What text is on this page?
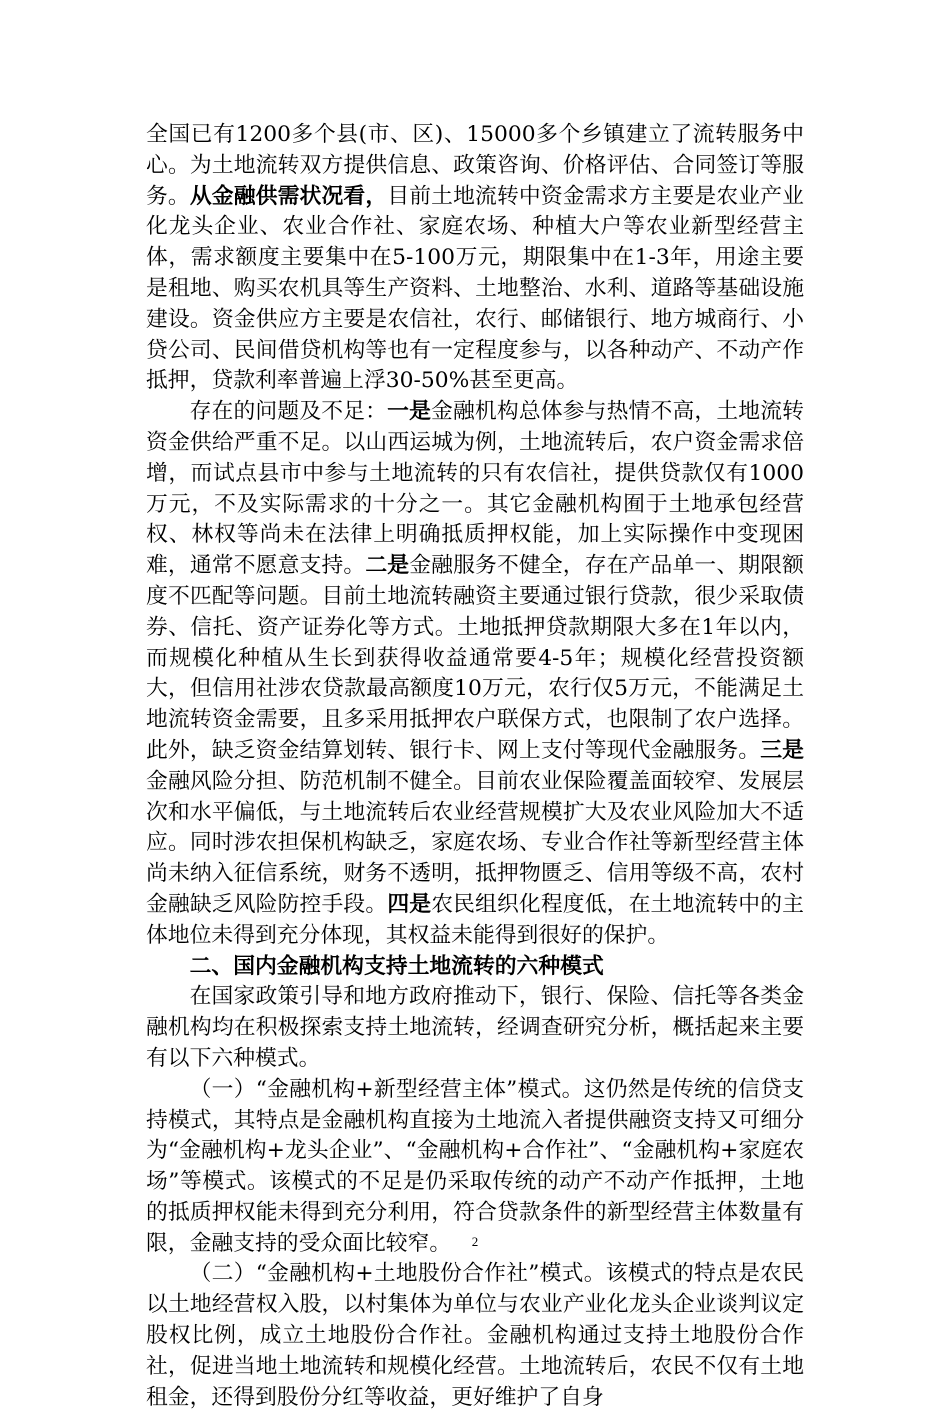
全国已有1200多个县(市、区)、15000多个乡镇建立了流转服务中心。为土地流转双方提供信息、政策咨询、价格评估、合同签订等服务。从金融供需状况看，目前土地流转中资金需求方主要是农业产业化龙头企业、农业合作社、家庭农场、种植大户等农业新型经营主体，需求额度主要集中在5-100万元，期限集中在1-3年，用途主要是租地、购买农机具等生产资料、土地整治、水利、道路等基础设施建设。资金供应方主要是农信社，农行、邮储银行、地方城商行、小贷公司、民间借贷机构等也有一定程度参与，以各种动产、不动产作抵押，贷款利率普遍上浮30-50%甚至更高。

存在的问题及不足：一是金融机构总体参与热情不高，土地流转资金供给严重不足。以山西运城为例，土地流转后，农户资金需求倍增，而试点县市中参与土地流转的只有农信社，提供贷款仅有1000万元，不及实际需求的十分之一。其它金融机构囿于土地承包经营权、林权等尚未在法律上明确抵质押权能，加上实际操作中变现困难，通常不愿意支持。二是金融服务不健全，存在产品单一、期限额度不匹配等问题。目前土地流转融资主要通过银行贷款，很少采取债券、信托、资产证券化等方式。土地抵押贷款期限大多在1年以内，而规模化种植从生长到获得收益通常要4-5年；规模化经营投资额大，但信用社涉农贷款最高额度10万元，农行仅5万元，不能满足土地流转资金需要，且多采用抵押农户联保方式，也限制了农户选择。此外，缺乏资金结算划转、银行卡、网上支付等现代金融服务。三是金融风险分担、防范机制不健全。目前农业保险覆盖面较窄、发展层次和水平偏低，与土地流转后农业经营规模扩大及农业风险加大不适应。同时涉农担保机构缺乏，家庭农场、专业合作社等新型经营主体尚未纳入征信系统，财务不透明，抵押物匮乏、信用等级不高，农村金融缺乏风险防控手段。四是农民组织化程度低，在土地流转中的主体地位未得到充分体现，其权益未能得到很好的保护。

二、国内金融机构支持土地流转的六种模式

在国家政策引导和地方政府推动下，银行、保险、信托等各类金融机构均在积极探索支持土地流转，经调查研究分析，概括起来主要有以下六种模式。

（一）“金融机构+新型经营主体”模式。这仍然是传统的信贷支持模式，其特点是金融机构直接为土地流入者提供融资支持又可细分为“金融机构+龙头企业”、“金融机构+合作社”、“金融机构+家庭农场”等模式。该模式的不足是仍采取传统的动产不动产作抵押，土地的抵质押权能未得到充分利用，符合贷款条件的新型经营主体数量有限，金融支持的受众面比较窄。

（二）“金融机构+土地股份合作社”模式。该模式的特点是农民以土地经营权入股，以村集体为单位与农业产业化龙头企业谈判议定股权比例，成立土地股份合作社。金融机构通过支持土地股份合作社，促进当地土地流转和规模化经营。土地流转后，农民不仅有土地租金，还得到股份分红等收益，更好维护了自身

2
